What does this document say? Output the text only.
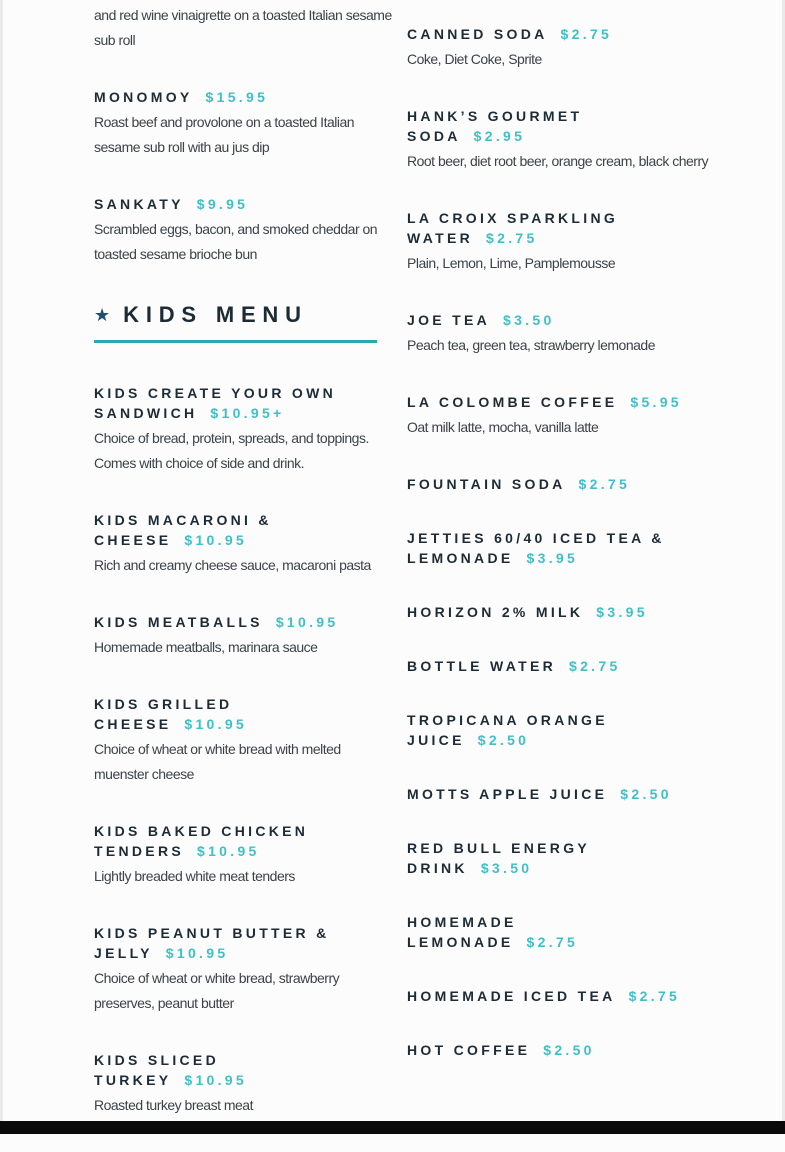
and red wine vinaigrette on a toasted Italian sesame sub roll
MONOMOY $15.95
Roast beef and provolone on a toasted Italian sesame sub roll with au jus dip
SANKATY $9.95
Scrambled eggs, bacon, and smoked cheddar on toasted sesame brioche bun
★ KIDS MENU
KIDS CREATE YOUR OWN SANDWICH $10.95+
Choice of bread, protein, spreads, and toppings. Comes with choice of side and drink.
KIDS MACARONI & CHEESE $10.95
Rich and creamy cheese sauce, macaroni pasta
KIDS MEATBALLS $10.95
Homemade meatballs, marinara sauce
KIDS GRILLED CHEESE $10.95
Choice of wheat or white bread with melted muenster cheese
KIDS BAKED CHICKEN TENDERS $10.95
Lightly breaded white meat tenders
KIDS PEANUT BUTTER & JELLY $10.95
Choice of wheat or white bread, strawberry preserves, peanut butter
KIDS SLICED TURKEY $10.95
Roasted turkey breast meat
CANNED SODA $2.75
Coke, Diet Coke, Sprite
HANK’S GOURMET SODA $2.95
Root beer, diet root beer, orange cream, black cherry
LA CROIX SPARKLING WATER $2.75
Plain, Lemon, Lime, Pamplemousse
JOE TEA $3.50
Peach tea, green tea, strawberry lemonade
LA COLOMBE COFFEE $5.95
Oat milk latte, mocha, vanilla latte
FOUNTAIN SODA $2.75
JETTIES 60/40 ICED TEA & LEMONADE $3.95
HORIZON 2% MILK $3.95
BOTTLE WATER $2.75
TROPICANA ORANGE JUICE $2.50
MOTTS APPLE JUICE $2.50
RED BULL ENERGY DRINK $3.50
HOMEMADE LEMONADE $2.75
HOMEMADE ICED TEA $2.75
HOT COFFEE $2.50
